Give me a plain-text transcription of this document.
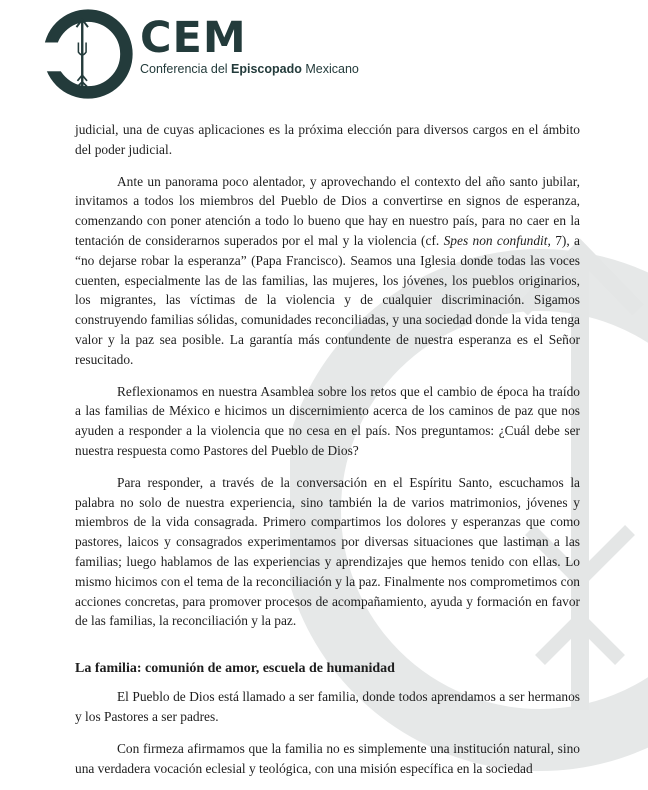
CEM
Conferencia del Episcopado Mexicano

judicial, una de cuyas aplicaciones es la próxima elección para diversos cargos en el ámbito del poder judicial.

Ante un panorama poco alentador, y aprovechando el contexto del año santo jubilar, invitamos a todos los miembros del Pueblo de Dios a convertirse en signos de esperanza, comenzando con poner atención a todo lo bueno que hay en nuestro país, para no caer en la tentación de considerarnos superados por el mal y la violencia (cf. Spes non confundit, 7), a “no dejarse robar la esperanza” (Papa Francisco). Seamos una Iglesia donde todas las voces cuenten, especialmente las de las familias, las mujeres, los jóvenes, los pueblos originarios, los migrantes, las víctimas de la violencia y de cualquier discriminación. Sigamos construyendo familias sólidas, comunidades reconciliadas, y una sociedad donde la vida tenga valor y la paz sea posible. La garantía más contundente de nuestra esperanza es el Señor resucitado.

Reflexionamos en nuestra Asamblea sobre los retos que el cambio de época ha traído a las familias de México e hicimos un discernimiento acerca de los caminos de paz que nos ayuden a responder a la violencia que no cesa en el país. Nos preguntamos: ¿Cuál debe ser nuestra respuesta como Pastores del Pueblo de Dios?

Para responder, a través de la conversación en el Espíritu Santo, escuchamos la palabra no solo de nuestra experiencia, sino también la de varios matrimonios, jóvenes y miembros de la vida consagrada. Primero compartimos los dolores y esperanzas que como pastores, laicos y consagrados experimentamos por diversas situaciones que lastiman a las familias; luego hablamos de las experiencias y aprendizajes que hemos tenido con ellas. Lo mismo hicimos con el tema de la reconciliación y la paz. Finalmente nos comprometimos con acciones concretas, para promover procesos de acompañamiento, ayuda y formación en favor de las familias, la reconciliación y la paz.

La familia: comunión de amor, escuela de humanidad

El Pueblo de Dios está llamado a ser familia, donde todos aprendamos a ser hermanos y los Pastores a ser padres.

Con firmeza afirmamos que la familia no es simplemente una institución natural, sino una verdadera vocación eclesial y teológica, con una misión específica en la sociedad
